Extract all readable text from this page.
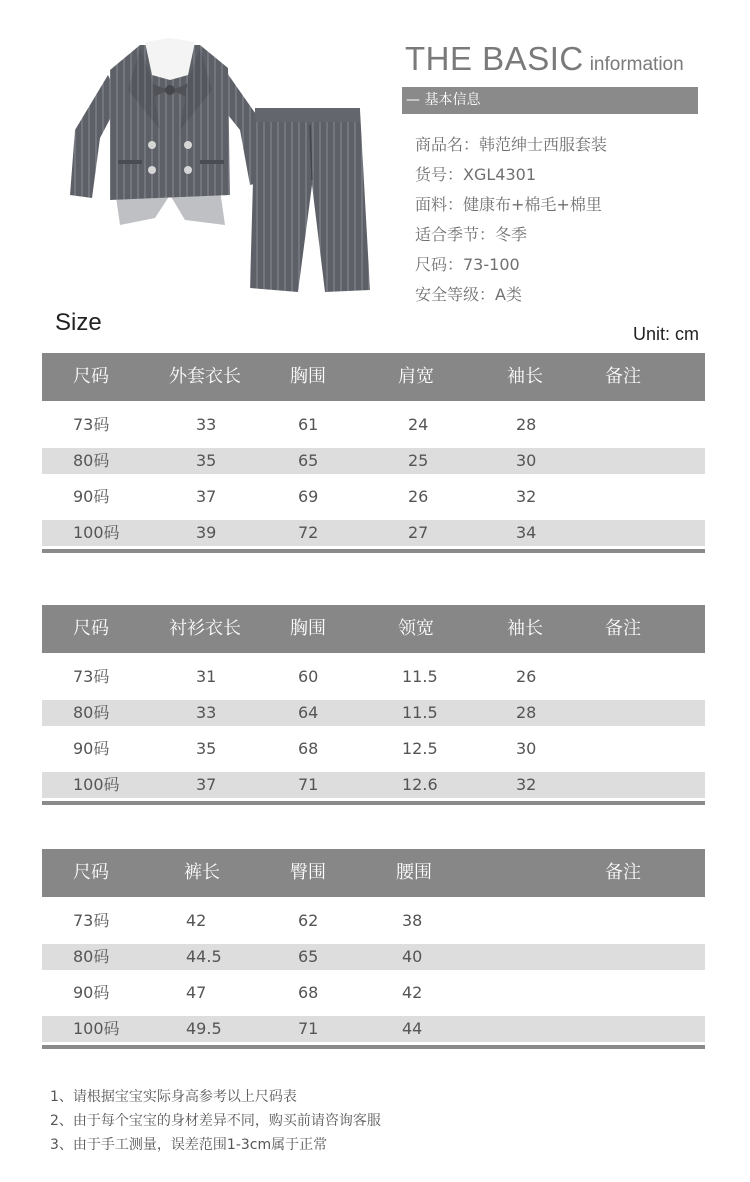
THE BASIC information
— 基本信息
商品名：韩范绅士西服套装
货号：XGL4301
面料：健康布+棉毛+棉里
适合季节：冬季
尺码：73-100
安全等级：A类
Size	Unit: cm
尺码	外套衣长	胸围	肩宽	袖长	备注
73码	33	61	24	28
80码	35	65	25	30
90码	37	69	26	32
100码	39	72	27	34
尺码	衬衫衣长	胸围	领宽	袖长	备注
73码	31	60	11.5	26
80码	33	64	11.5	28
90码	35	68	12.5	30
100码	37	71	12.6	32
尺码	裤长	臀围	腰围	备注
73码	42	62	38
80码	44.5	65	40
90码	47	68	42
100码	49.5	71	44
1、请根据宝宝实际身高参考以上尺码表
2、由于每个宝宝的身材差异不同，购买前请咨询客服
3、由于手工测量，误差范围1-3cm属于正常
